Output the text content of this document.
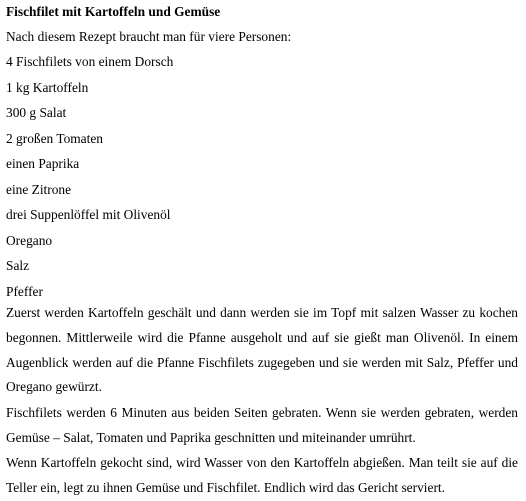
Fischfilet mit Kartoffeln und Gemüse
Nach diesem Rezept braucht man für viere Personen:
4 Fischfilets von einem Dorsch
1 kg Kartoffeln
300 g Salat
2 großen Tomaten
einen Paprika
eine Zitrone
drei Suppenlöffel mit Olivenöl
Oregano
Salz
Pfeffer
Zuerst werden Kartoffeln geschält und dann werden sie im Topf mit salzen Wasser zu kochen begonnen. Mittlerweile wird die Pfanne ausgeholt und auf sie gießt man Olivenöl. In einem Augenblick werden auf die Pfanne Fischfilets zugegeben und sie werden mit Salz, Pfeffer und Oregano gewürzt.
Fischfilets werden 6 Minuten aus beiden Seiten gebraten. Wenn sie werden gebraten, werden Gemüse – Salat, Tomaten und Paprika geschnitten und miteinander umrührt.
Wenn Kartoffeln gekocht sind, wird Wasser von den Kartoffeln abgießen. Man teilt sie auf die Teller ein, legt zu ihnen Gemüse und Fischfilet. Endlich wird das Gericht serviert.
